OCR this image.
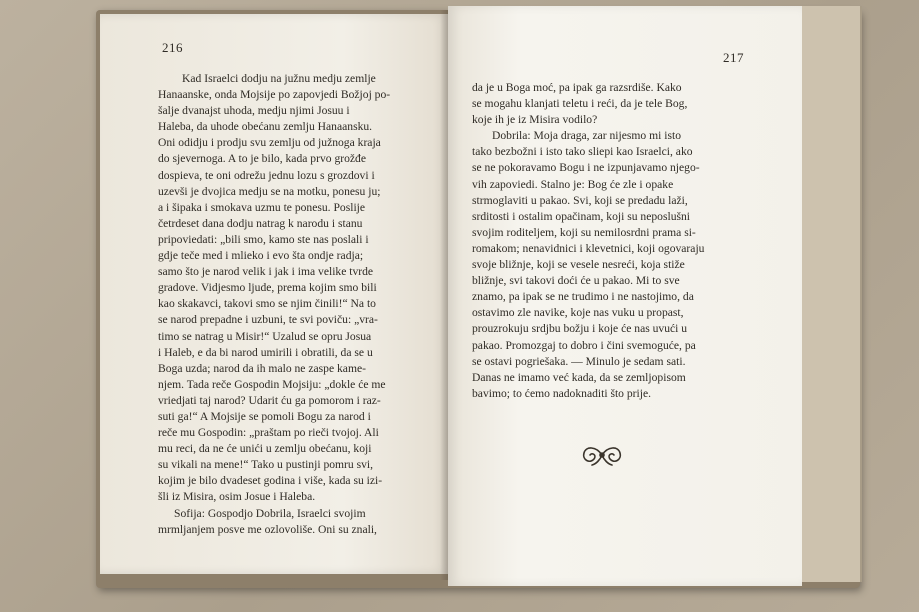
216
Kad Israelci dodju na južnu medju zemlje
Hanaanske, onda Mojsije po zapovjedi Božjoj po-
šalje dvanajst uhoda, medju njimi Josuu i
Haleba, da uhode obećanu zemlju Hanaansku.
Oni odidju i prodju svu zemlju od južnoga kraja
do sjevernoga. A to je bilo, kada prvo grožđe
dospieva, te oni odrežu jednu lozu s grozdovi i
uzevši je dvojica medju se na motku, ponesu ju;
a i šipaka i smokava uzmu te ponesu. Poslije
četrdeset dana dodju natrag k narodu i stanu
pripoviedati: „bili smo, kamo ste nas poslali i
gdje teče med i mlieko i evo šta ondje radja;
samo što je narod velik i jak i ima velike tvrde
gradove. Vidjesmo ljude, prema kojim smo bili
kao skakavci, takovi smo se njim činili!“ Na to
se narod prepadne i uzbuni, te svi poviču: „vra-
timo se natrag u Misir!“ Uzalud se opru Josua
i Haleb, e da bi narod umirili i obratili, da se u
Boga uzda; narod da ih malo ne zaspe kame-
njem. Tada reče Gospodin Mojsiju: „dokle će me
vriedjati taj narod? Udarit ću ga pomorom i raz-
suti ga!“ A Mojsije se pomoli Bogu za narod i
reče mu Gospodin: „praštam po rieči tvojoj. Ali
mu reci, da ne će unići u zemlju obećanu, koji
su vikali na mene!“ Tako u pustinji pomru svi,
kojim je bilo dvadeset godina i više, kada su izi-
šli iz Misira, osim Josue i Haleba.
Sofija: Gospodjo Dobrila, Israelci svojim
mrmljanjem posve me ozlovoliše. Oni su znali,
217
da je u Boga moć, pa ipak ga razsrdiše. Kako
se mogahu klanjati teletu i reći, da je tele Bog,
koje ih je iz Misira vodilo?
Dobrila: Moja draga, zar nijesmo mi isto
tako bezbožni i isto tako sliepi kao Israelci, ako
se ne pokoravamo Bogu i ne izpunjavamo njego-
vih zapoviedi. Stalno je: Bog će zle i opake
strmoglaviti u pakao. Svi, koji se predadu laži,
srditosti i ostalim opačinam, koji su neposlušni
svojim roditeljem, koji su nemilosrdni prama si-
romakom; nenavidnici i klevetnici, koji ogovaraju
svoje bližnje, koji se vesele nesreći, koja stiže
bližnje, svi takovi doći će u pakao. Mi to sve
znamo, pa ipak se ne trudimo i ne nastojimo, da
ostavimo zle navike, koje nas vuku u propast,
prouzrokuju srdjbu božju i koje će nas uvući u
pakao. Promozgaj to dobro i čini svemoguće, pa
se ostavi pogriešaka. — Minulo je sedam sati.
Danas ne imamo već kada, da se zemljopisom
bavimo; to ćemo nadoknaditi što prije.
